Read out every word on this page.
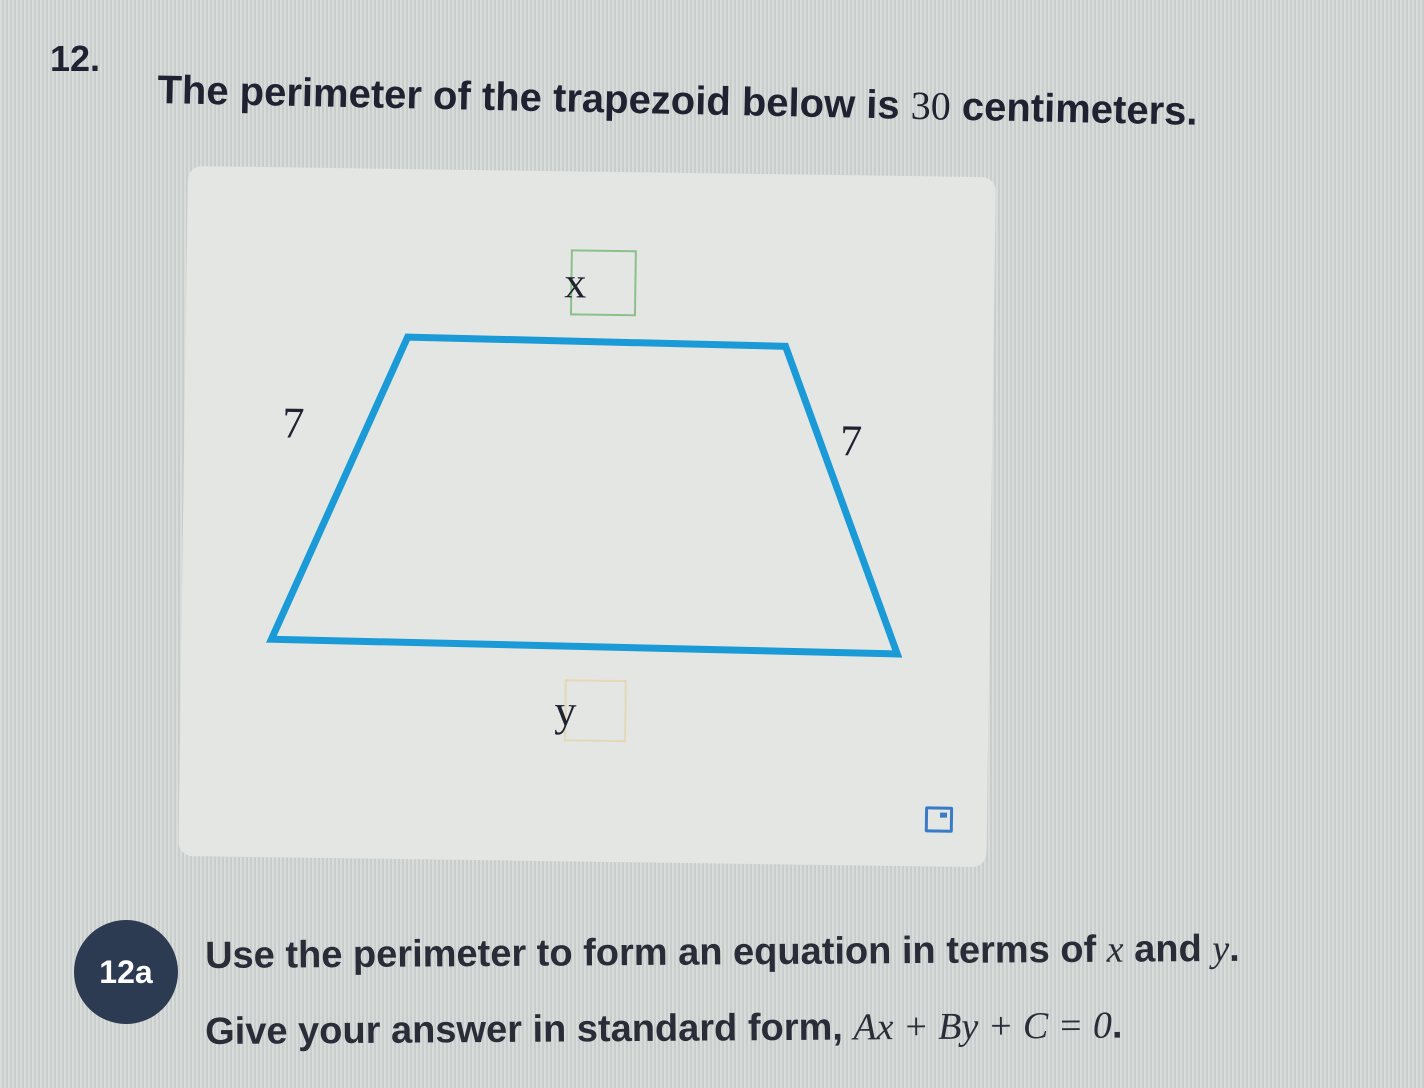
12.
The perimeter of the trapezoid below is 30 centimeters.
x
7	7
y
12a	Use the perimeter to form an equation in terms of x and y.
Give your answer in standard form, Ax + By + C = 0.
